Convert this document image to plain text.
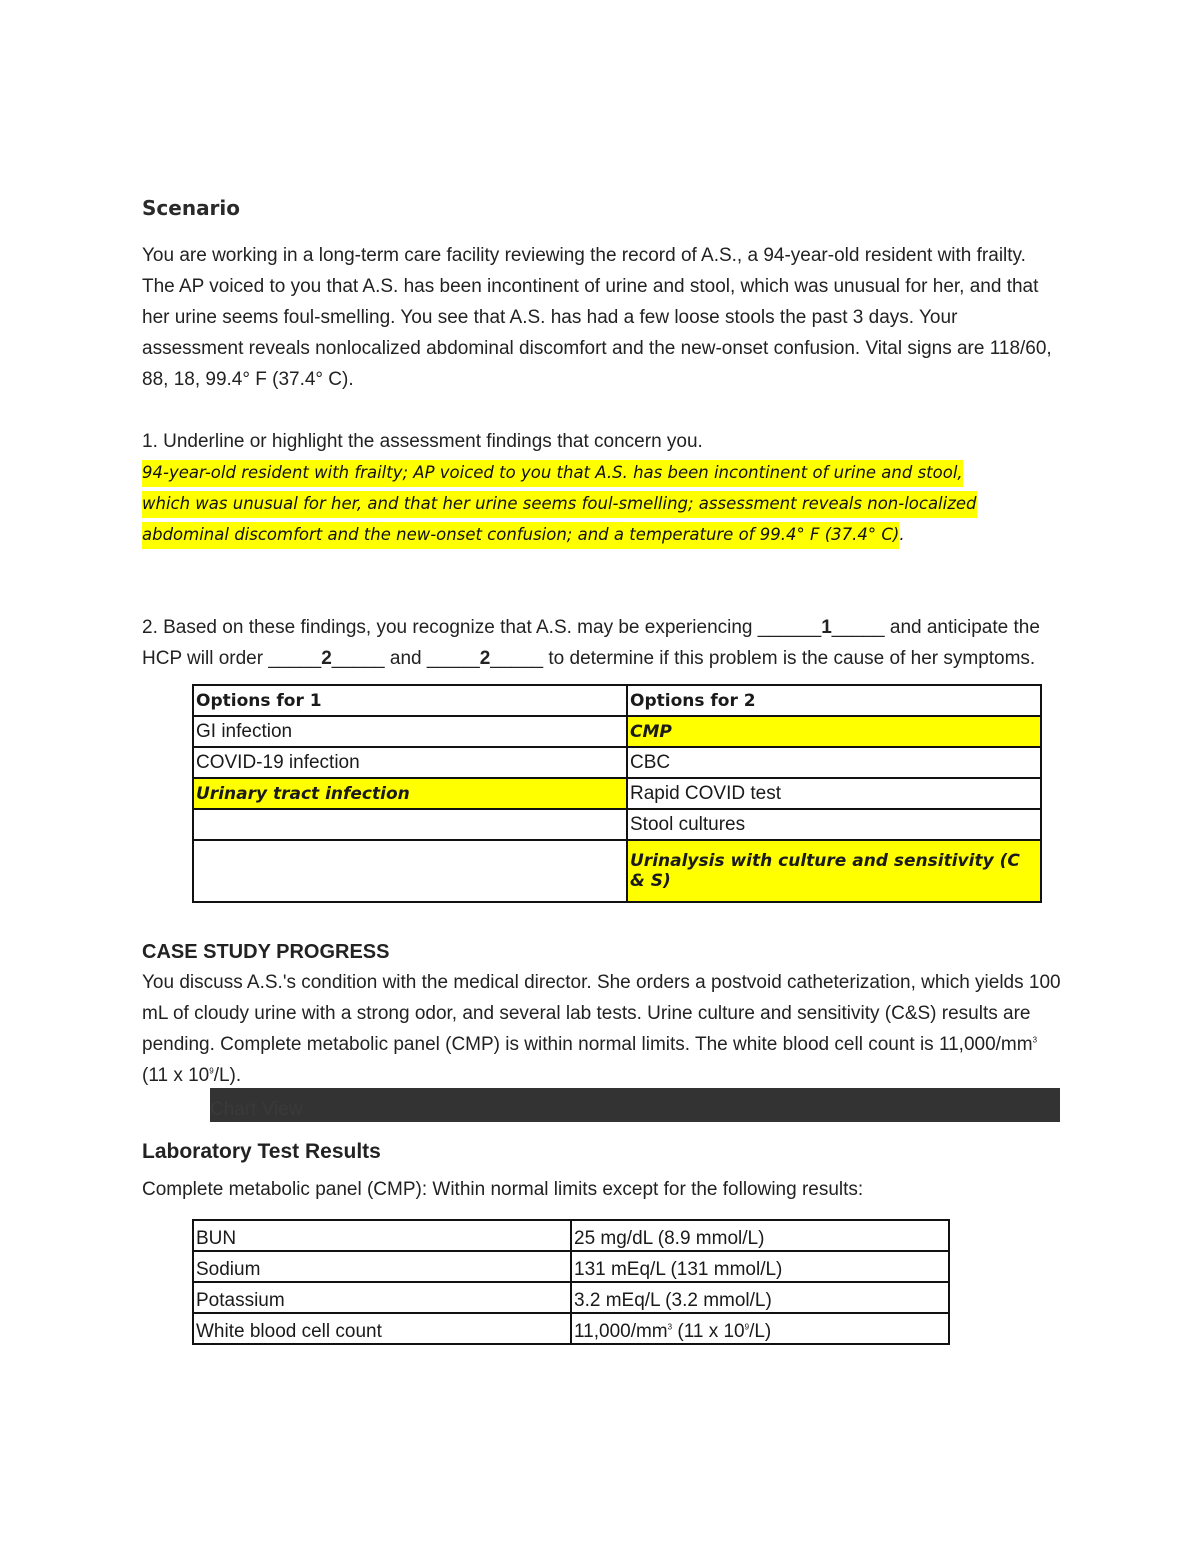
Scenario

You are working in a long-term care facility reviewing the record of A.S., a 94-year-old resident with frailty. The AP voiced to you that A.S. has been incontinent of urine and stool, which was unusual for her, and that her urine seems foul-smelling. You see that A.S. has had a few loose stools the past 3 days. Your assessment reveals nonlocalized abdominal discomfort and the new-onset confusion. Vital signs are 118/60, 88, 18, 99.4° F (37.4° C).

1. Underline or highlight the assessment findings that concern you.

94-year-old resident with frailty; AP voiced to you that A.S. has been incontinent of urine and stool,
which was unusual for her, and that her urine seems foul-smelling; assessment reveals non-localized
abdominal discomfort and the new-onset confusion; and a temperature of 99.4° F (37.4° C).

2. Based on these findings, you recognize that A.S. may be experiencing ______1_____ and anticipate the HCP will order _____2_____ and _____2_____ to determine if this problem is the cause of her symptoms.

Options for 1	Options for 2
GI infection	CMP
COVID-19 infection	CBC
Urinary tract infection	Rapid COVID test
	Stool cultures
	Urinalysis with culture and sensitivity (C & S)
CASE STUDY PROGRESS

You discuss A.S.'s condition with the medical director. She orders a postvoid catheterization, which yields 100 mL of cloudy urine with a strong odor, and several lab tests. Urine culture and sensitivity (C&S) results are pending. Complete metabolic panel (CMP) is within normal limits. The white blood cell count is $11,000/mm^3$ (11 x $10^9/L$).

Chart View
Laboratory Test Results

Complete metabolic panel (CMP): Within normal limits except for the following results:

BUN	25 mg/dL (8.9 mmol/L)
Sodium	131 mEq/L (131 mmol/L)
Potassium	3.2 mEq/L (3.2 mmol/L)
White blood cell count	$11,000/mm^3$ (11 x $10^9/L$)
